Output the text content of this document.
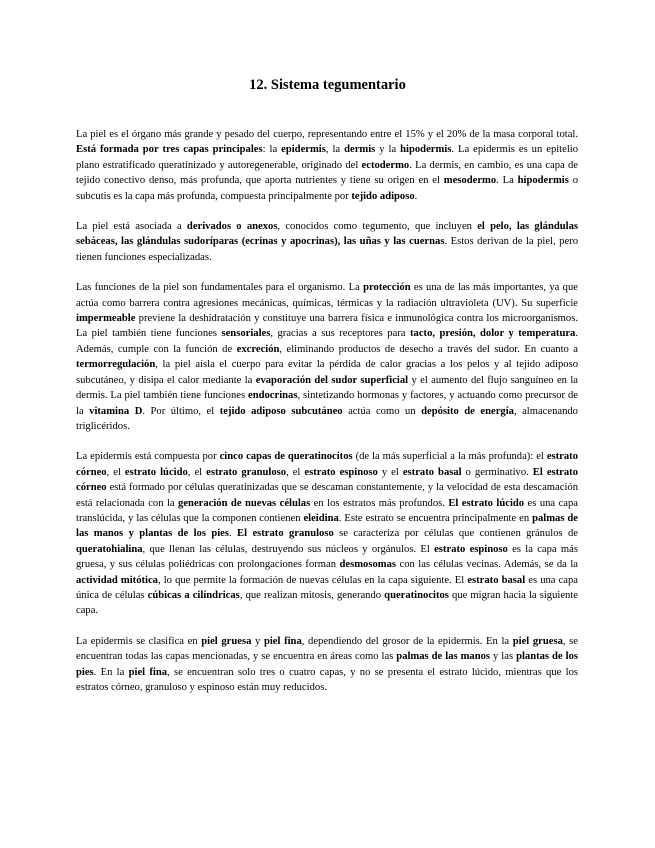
12. Sistema tegumentario

La piel es el órgano más grande y pesado del cuerpo, representando entre el 15% y el 20% de la masa corporal total. Está formada por tres capas principales: la epidermis, la dermis y la hipodermis. La epidermis es un epitelio plano estratificado queratinizado y autoregenerable, originado del ectodermo. La dermis, en cambio, es una capa de tejido conectivo denso, más profunda, que aporta nutrientes y tiene su origen en el mesodermo. La hipodermis o subcutis es la capa más profunda, compuesta principalmente por tejido adiposo.

La piel está asociada a derivados o anexos, conocidos como tegumento, que incluyen el pelo, las glándulas sebáceas, las glándulas sudoríparas (ecrinas y apocrinas), las uñas y las cuernas. Estos derivan de la piel, pero tienen funciones especializadas.

Las funciones de la piel son fundamentales para el organismo. La protección es una de las más importantes, ya que actúa como barrera contra agresiones mecánicas, químicas, térmicas y la radiación ultravioleta (UV). Su superficie impermeable previene la deshidratación y constituye una barrera física e inmunológica contra los microorganismos. La piel también tiene funciones sensoriales, gracias a sus receptores para tacto, presión, dolor y temperatura. Además, cumple con la función de excreción, eliminando productos de desecho a través del sudor. En cuanto a termorregulación, la piel aísla el cuerpo para evitar la pérdida de calor gracias a los pelos y al tejido adiposo subcutáneo, y disipa el calor mediante la evaporación del sudor superficial y el aumento del flujo sanguíneo en la dermis. La piel también tiene funciones endocrinas, sintetizando hormonas y factores, y actuando como precursor de la vitamina D. Por último, el tejido adiposo subcutáneo actúa como un depósito de energía, almacenando triglicéridos.

La epidermis está compuesta por cinco capas de queratinocitos (de la más superficial a la más profunda): el estrato córneo, el estrato lúcido, el estrato granuloso, el estrato espinoso y el estrato basal o germinativo. El estrato córneo está formado por células queratinizadas que se descaman constantemente, y la velocidad de esta descamación está relacionada con la generación de nuevas células en los estratos más profundos. El estrato lúcido es una capa translúcida, y las células que la componen contienen eleidina. Este estrato se encuentra principalmente en palmas de las manos y plantas de los pies. El estrato granuloso se caracteriza por células que contienen gránulos de queratohialina, que llenan las células, destruyendo sus núcleos y orgánulos. El estrato espinoso es la capa más gruesa, y sus células poliédricas con prolongaciones forman desmosomas con las células vecinas. Además, se da la actividad mitótica, lo que permite la formación de nuevas células en la capa siguiente. El estrato basal es una capa única de células cúbicas a cilíndricas, que realizan mitosis, generando queratinocitos que migran hacia la siguiente capa.

La epidermis se clasifica en piel gruesa y piel fina, dependiendo del grosor de la epidermis. En la piel gruesa, se encuentran todas las capas mencionadas, y se encuentra en áreas como las palmas de las manos y las plantas de los pies. En la piel fina, se encuentran solo tres o cuatro capas, y no se presenta el estrato lúcido, mientras que los estratos córneo, granuloso y espinoso están muy reducidos.
